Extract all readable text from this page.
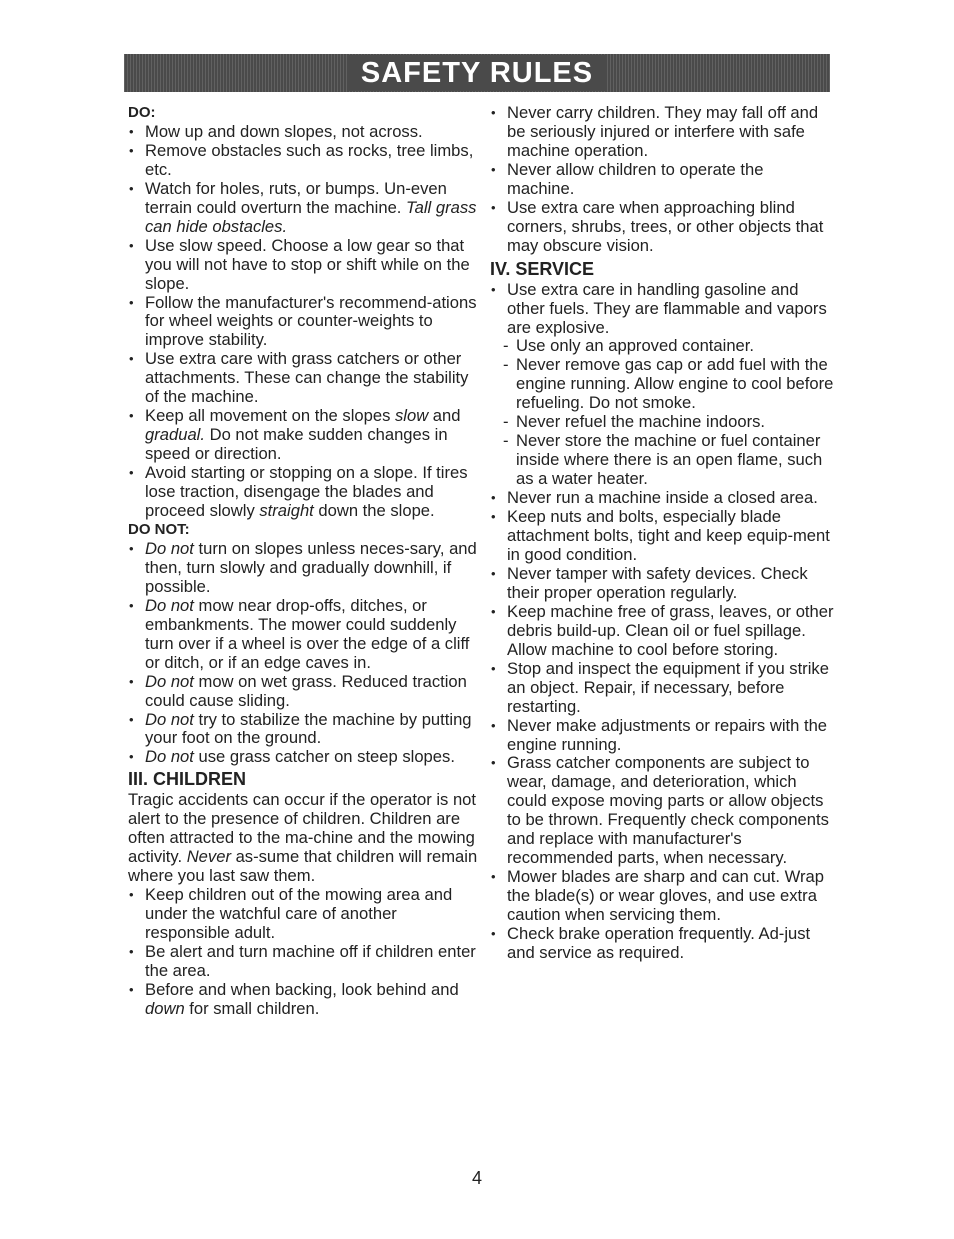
SAFETY RULES
DO:
• Mow up and down slopes, not across.
• Remove obstacles such as rocks, tree limbs, etc.
• Watch for holes, ruts, or bumps. Un-even terrain could overturn the machine. Tall grass can hide obstacles.
• Use slow speed. Choose a low gear so that you will not have to stop or shift while on the slope.
• Follow the manufacturer's recommend-ations for wheel weights or counter-weights to improve stability.
• Use extra care with grass catchers or other attachments. These can change the stability of the machine.
• Keep all movement on the slopes slow and gradual. Do not make sudden changes in speed or direction.
• Avoid starting or stopping on a slope. If tires lose traction, disengage the blades and proceed slowly straight down the slope.
DO NOT:
• Do not turn on slopes unless neces-sary, and then, turn slowly and gradually downhill, if possible.
• Do not mow near drop-offs, ditches, or embankments. The mower could suddenly turn over if a wheel is over the edge of a cliff or ditch, or if an edge caves in.
• Do not mow on wet grass. Reduced traction could cause sliding.
• Do not try to stabilize the machine by putting your foot on the ground.
• Do not use grass catcher on steep slopes.
III. CHILDREN

Tragic accidents can occur if the operator is not alert to the presence of children. Children are often attracted to the ma-chine and the mowing activity. Never as-sume that children will remain where you last saw them.

• Keep children out of the mowing area and under the watchful care of another responsible adult.
• Be alert and turn machine off if children enter the area.
• Before and when backing, look behind and down for small children.
• Never carry children. They may fall off and be seriously injured or interfere with safe machine operation.
• Never allow children to operate the machine.
• Use extra care when approaching blind corners, shrubs, trees, or other objects that may obscure vision.
IV. SERVICE
• Use extra care in handling gasoline and other fuels. They are flammable and vapors are explosive.
- Use only an approved container.
- Never remove gas cap or add fuel with the engine running. Allow engine to cool before refueling. Do not smoke.
- Never refuel the machine indoors.
- Never store the machine or fuel container inside where there is an open flame, such as a water heater.
• Never run a machine inside a closed area.
• Keep nuts and bolts, especially blade attachment bolts, tight and keep equip-ment in good condition.
• Never tamper with safety devices. Check their proper operation regularly.
• Keep machine free of grass, leaves, or other debris build-up. Clean oil or fuel spillage. Allow machine to cool before storing.
• Stop and inspect the equipment if you strike an object. Repair, if necessary, before restarting.
• Never make adjustments or repairs with the engine running.
• Grass catcher components are subject to wear, damage, and deterioration, which could expose moving parts or allow objects to be thrown. Frequently check components and replace with manufacturer's recommended parts, when necessary.
• Mower blades are sharp and can cut. Wrap the blade(s) or wear gloves, and use extra caution when servicing them.
• Check brake operation frequently. Ad-just and service as required.
4
